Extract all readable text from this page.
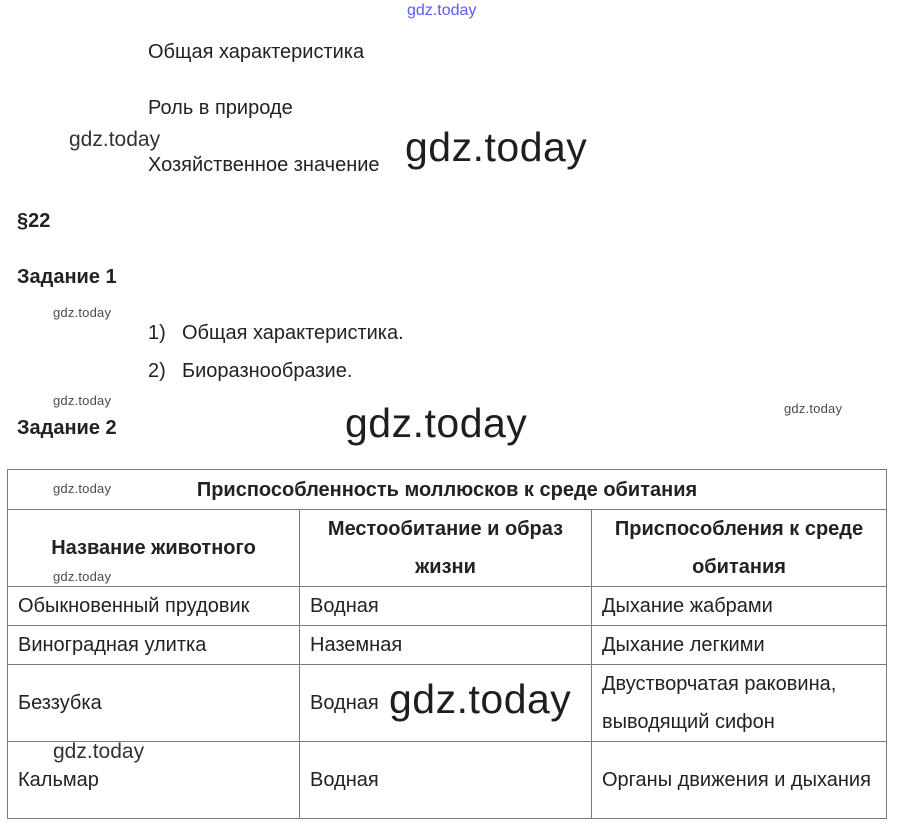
Общая характеристика
Роль в природе
Хозяйственное значение
§22
Задание 1
1) Общая характеристика.
2) Биоразнообразие.
Задание 2
Приспособленность моллюсков к среде обитания		
Название животного	Местообитание и образ жизни	Приспособления к среде обитания
Обыкновенный прудовик	Водная	Дыхание жабрами
Виноградная улитка	Наземная	Дыхание легкими
Беззубка	Водная	Двустворчатая раковина, выводящий сифон
Кальмар	Водная	Органы движения и дыхания
gdz.today
gdz.today	gdz.today
gdz.today
gdz.today
gdz.today
gdz.today
gdz.today
gdz.today
gdz.today
gdz.today
